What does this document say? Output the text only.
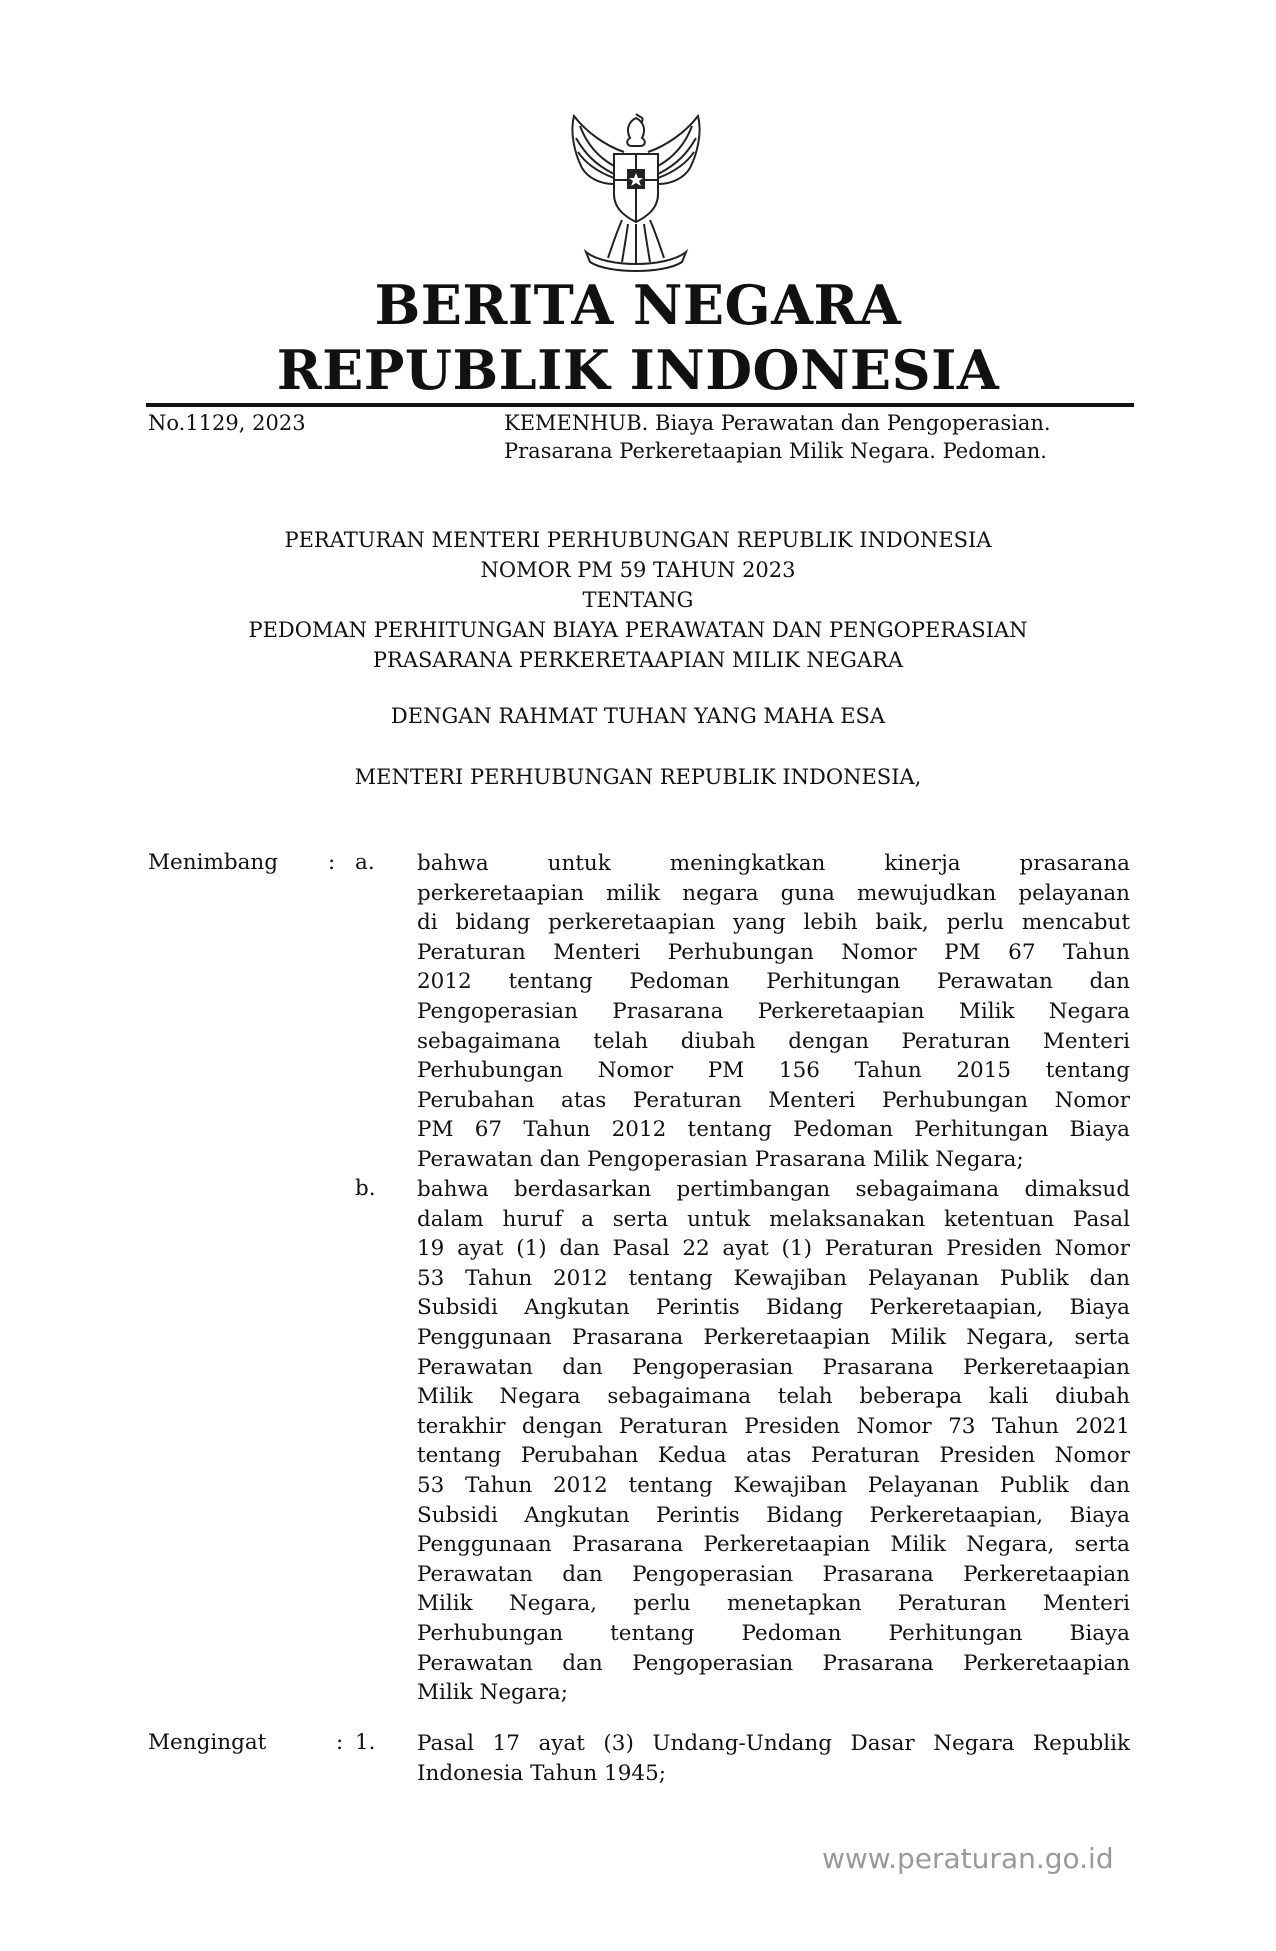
BERITA NEGARA
REPUBLIK INDONESIA
No.1129, 2023	KEMENHUB. Biaya Perawatan dan Pengoperasian.
Prasarana Perkeretaapian Milik Negara. Pedoman.
PERATURAN MENTERI PERHUBUNGAN REPUBLIK INDONESIA
NOMOR PM 59 TAHUN 2023
TENTANG
PEDOMAN PERHITUNGAN BIAYA PERAWATAN DAN PENGOPERASIAN
PRASARANA PERKERETAAPIAN MILIK NEGARA
DENGAN RAHMAT TUHAN YANG MAHA ESA
MENTERI PERHUBUNGAN REPUBLIK INDONESIA,
Menimbang : a. bahwa untuk meningkatkan kinerja prasarana
perkeretaapian milik negara guna mewujudkan pelayanan
di bidang perkeretaapian yang lebih baik, perlu mencabut
Peraturan Menteri Perhubungan Nomor PM 67 Tahun
2012 tentang Pedoman Perhitungan Perawatan dan
Pengoperasian Prasarana Perkeretaapian Milik Negara
sebagaimana telah diubah dengan Peraturan Menteri
Perhubungan Nomor PM 156 Tahun 2015 tentang
Perubahan atas Peraturan Menteri Perhubungan Nomor
PM 67 Tahun 2012 tentang Pedoman Perhitungan Biaya
Perawatan dan Pengoperasian Prasarana Milik Negara;
b. bahwa berdasarkan pertimbangan sebagaimana dimaksud
dalam huruf a serta untuk melaksanakan ketentuan Pasal
19 ayat (1) dan Pasal 22 ayat (1) Peraturan Presiden Nomor
53 Tahun 2012 tentang Kewajiban Pelayanan Publik dan
Subsidi Angkutan Perintis Bidang Perkeretaapian, Biaya
Penggunaan Prasarana Perkeretaapian Milik Negara, serta
Perawatan dan Pengoperasian Prasarana Perkeretaapian
Milik Negara sebagaimana telah beberapa kali diubah
terakhir dengan Peraturan Presiden Nomor 73 Tahun 2021
tentang Perubahan Kedua atas Peraturan Presiden Nomor
53 Tahun 2012 tentang Kewajiban Pelayanan Publik dan
Subsidi Angkutan Perintis Bidang Perkeretaapian, Biaya
Penggunaan Prasarana Perkeretaapian Milik Negara, serta
Perawatan dan Pengoperasian Prasarana Perkeretaapian
Milik Negara, perlu menetapkan Peraturan Menteri
Perhubungan tentang Pedoman Perhitungan Biaya
Perawatan dan Pengoperasian Prasarana Perkeretaapian
Milik Negara;
Mengingat	: 1. Pasal 17 ayat (3) Undang-Undang Dasar Negara Republik
Indonesia Tahun 1945;
www.peraturan.go.id
